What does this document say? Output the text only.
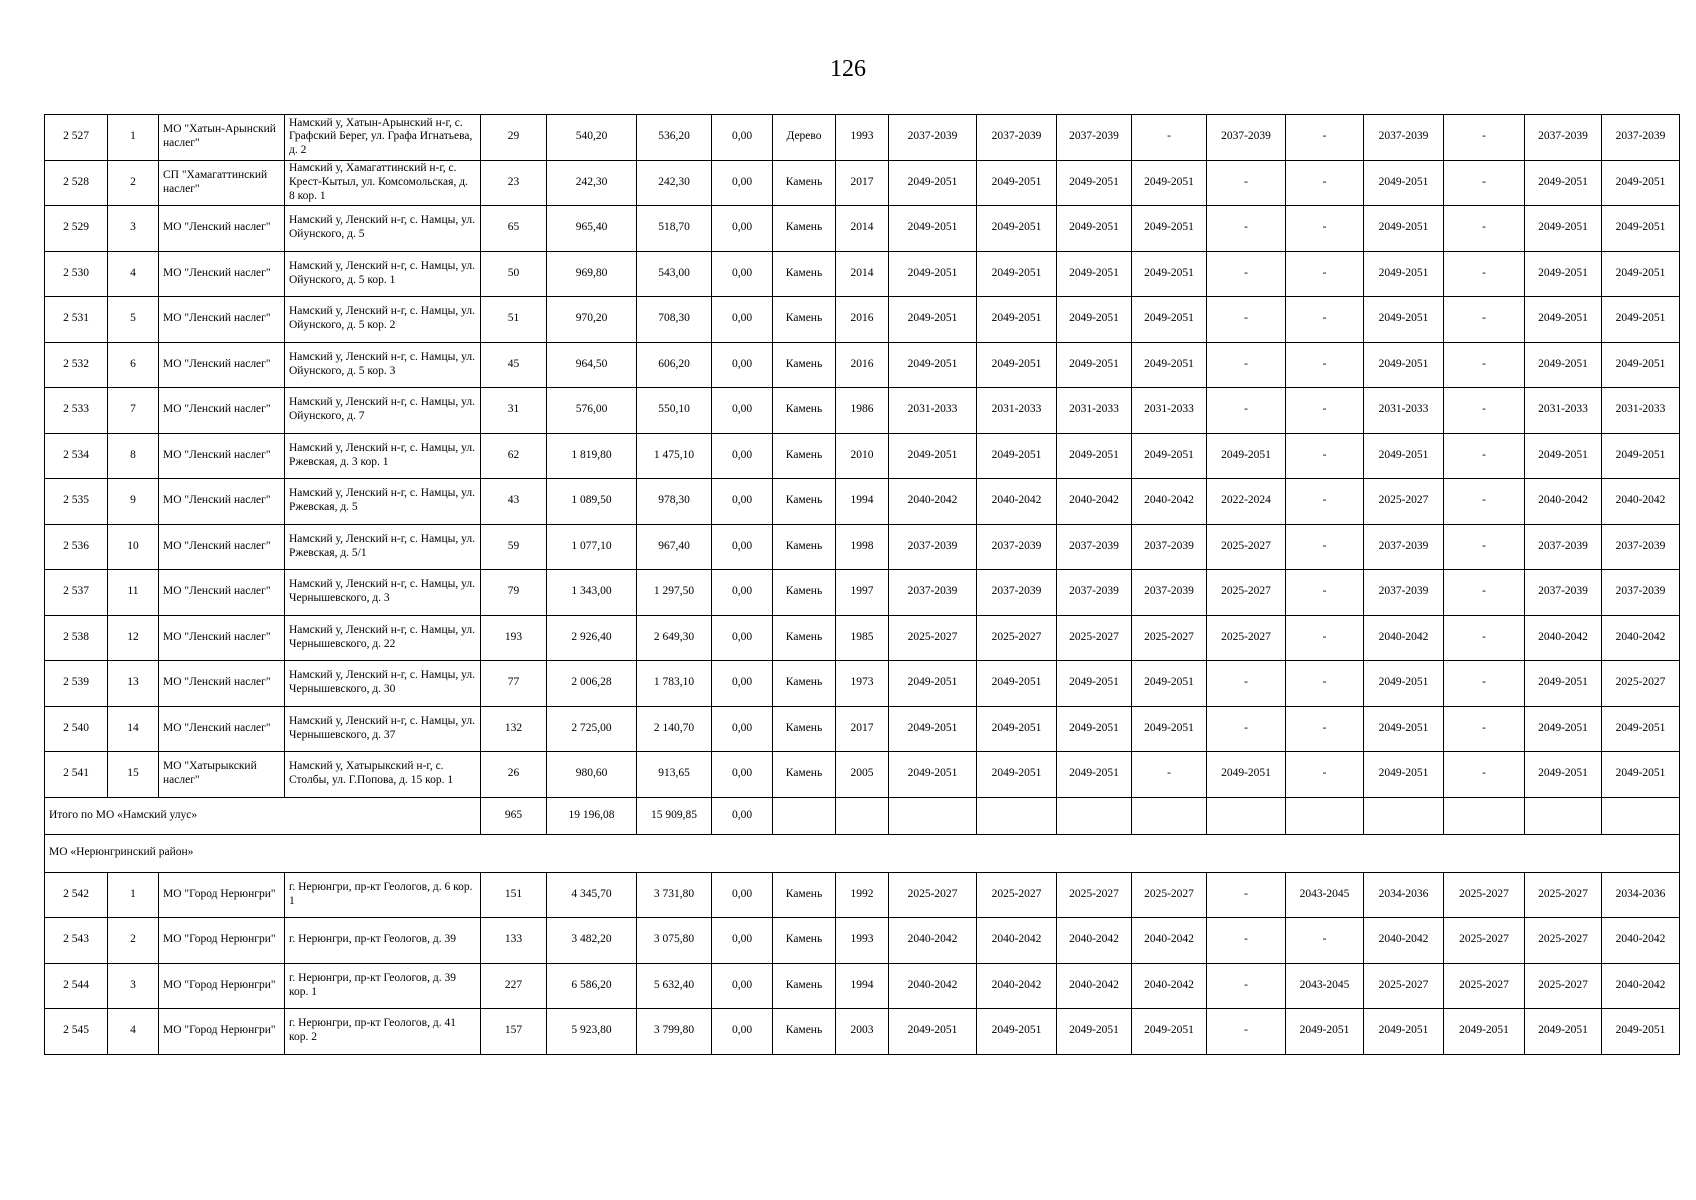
126
2 527	1	МО "Хатын-Арынский наслег"	Намский у, Хатын-Арынский н-г, с. Графский Берег, ул. Графа Игнатьева, д. 2	29	540,20	536,20	0,00	Дерево	1993	2037-2039	2037-2039	2037-2039	-	2037-2039	-	2037-2039	-	2037-2039	2037-2039
2 528	2	СП "Хамагаттинский наслег"	Намский у, Хамагаттинский н-г, с. Крест-Кытыл, ул. Комсомольская, д. 8 кор. 1	23	242,30	242,30	0,00	Камень	2017	2049-2051	2049-2051	2049-2051	2049-2051	-	-	2049-2051	-	2049-2051	2049-2051
2 529	3	МО "Ленский наслег"	Намский у, Ленский н-г, с. Намцы, ул. Ойунского, д. 5	65	965,40	518,70	0,00	Камень	2014	2049-2051	2049-2051	2049-2051	2049-2051	-	-	2049-2051	-	2049-2051	2049-2051
2 530	4	МО "Ленский наслег"	Намский у, Ленский н-г, с. Намцы, ул. Ойунского, д. 5 кор. 1	50	969,80	543,00	0,00	Камень	2014	2049-2051	2049-2051	2049-2051	2049-2051	-	-	2049-2051	-	2049-2051	2049-2051
2 531	5	МО "Ленский наслег"	Намский у, Ленский н-г, с. Намцы, ул. Ойунского, д. 5 кор. 2	51	970,20	708,30	0,00	Камень	2016	2049-2051	2049-2051	2049-2051	2049-2051	-	-	2049-2051	-	2049-2051	2049-2051
2 532	6	МО "Ленский наслег"	Намский у, Ленский н-г, с. Намцы, ул. Ойунского, д. 5 кор. 3	45	964,50	606,20	0,00	Камень	2016	2049-2051	2049-2051	2049-2051	2049-2051	-	-	2049-2051	-	2049-2051	2049-2051
2 533	7	МО "Ленский наслег"	Намский у, Ленский н-г, с. Намцы, ул. Ойунского, д. 7	31	576,00	550,10	0,00	Камень	1986	2031-2033	2031-2033	2031-2033	2031-2033	-	-	2031-2033	-	2031-2033	2031-2033
2 534	8	МО "Ленский наслег"	Намский у, Ленский н-г, с. Намцы, ул. Ржевская, д. 3 кор. 1	62	1 819,80	1 475,10	0,00	Камень	2010	2049-2051	2049-2051	2049-2051	2049-2051	2049-2051	-	2049-2051	-	2049-2051	2049-2051
2 535	9	МО "Ленский наслег"	Намский у, Ленский н-г, с. Намцы, ул. Ржевская, д. 5	43	1 089,50	978,30	0,00	Камень	1994	2040-2042	2040-2042	2040-2042	2040-2042	2022-2024	-	2025-2027	-	2040-2042	2040-2042
2 536	10	МО "Ленский наслег"	Намский у, Ленский н-г, с. Намцы, ул. Ржевская, д. 5/1	59	1 077,10	967,40	0,00	Камень	1998	2037-2039	2037-2039	2037-2039	2037-2039	2025-2027	-	2037-2039	-	2037-2039	2037-2039
2 537	11	МО "Ленский наслег"	Намский у, Ленский н-г, с. Намцы, ул. Чернышевского, д. 3	79	1 343,00	1 297,50	0,00	Камень	1997	2037-2039	2037-2039	2037-2039	2037-2039	2025-2027	-	2037-2039	-	2037-2039	2037-2039
2 538	12	МО "Ленский наслег"	Намский у, Ленский н-г, с. Намцы, ул. Чернышевского, д. 22	193	2 926,40	2 649,30	0,00	Камень	1985	2025-2027	2025-2027	2025-2027	2025-2027	2025-2027	-	2040-2042	-	2040-2042	2040-2042
2 539	13	МО "Ленский наслег"	Намский у, Ленский н-г, с. Намцы, ул. Чернышевского, д. 30	77	2 006,28	1 783,10	0,00	Камень	1973	2049-2051	2049-2051	2049-2051	2049-2051	-	-	2049-2051	-	2049-2051	2025-2027
2 540	14	МО "Ленский наслег"	Намский у, Ленский н-г, с. Намцы, ул. Чернышевского, д. 37	132	2 725,00	2 140,70	0,00	Камень	2017	2049-2051	2049-2051	2049-2051	2049-2051	-	-	2049-2051	-	2049-2051	2049-2051
2 541	15	МО "Хатырыкский наслег"	Намский у, Хатырыкский н-г, с. Столбы, ул. Г.Попова, д. 15 кор. 1	26	980,60	913,65	0,00	Камень	2005	2049-2051	2049-2051	2049-2051	-	2049-2051	-	2049-2051	-	2049-2051	2049-2051
Итого по МО «Намский улус»				965	19 196,08	15 909,85	0,00												
МО «Нерюнгринский район»																			
2 542	1	МО "Город Нерюнгри"	г. Нерюнгри, пр-кт Геологов, д. 6 кор. 1	151	4 345,70	3 731,80	0,00	Камень	1992	2025-2027	2025-2027	2025-2027	2025-2027	-	2043-2045	2034-2036	2025-2027	2025-2027	2034-2036
2 543	2	МО "Город Нерюнгри"	г. Нерюнгри, пр-кт Геологов, д. 39	133	3 482,20	3 075,80	0,00	Камень	1993	2040-2042	2040-2042	2040-2042	2040-2042	-	-	2040-2042	2025-2027	2025-2027	2040-2042
2 544	3	МО "Город Нерюнгри"	г. Нерюнгри, пр-кт Геологов, д. 39 кор. 1	227	6 586,20	5 632,40	0,00	Камень	1994	2040-2042	2040-2042	2040-2042	2040-2042	-	2043-2045	2025-2027	2025-2027	2025-2027	2040-2042
2 545	4	МО "Город Нерюнгри"	г. Нерюнгри, пр-кт Геологов, д. 41 кор. 2	157	5 923,80	3 799,80	0,00	Камень	2003	2049-2051	2049-2051	2049-2051	2049-2051	-	2049-2051	2049-2051	2049-2051	2049-2051	2049-2051
